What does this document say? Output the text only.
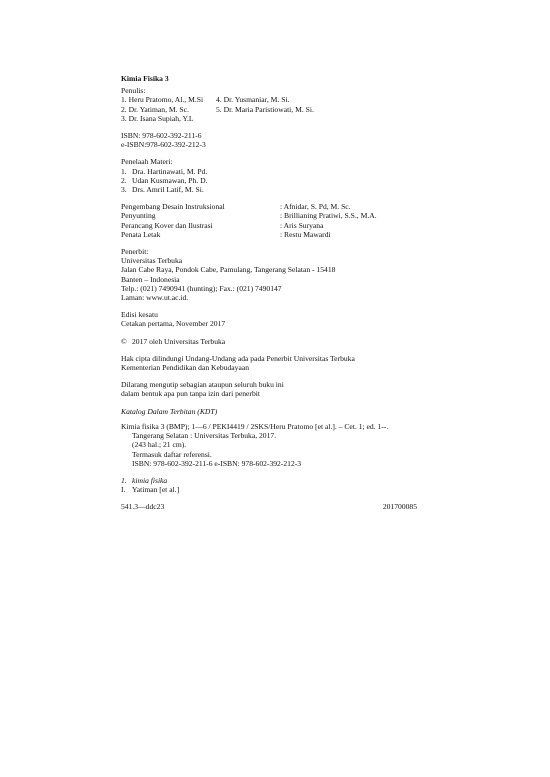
Kimia Fisika 3
Penulis:
1. Heru Pratomo, Al., M.Si
2. Dr. Yatiman, M. Sc.
3. Dr. Isana Supiah, Y.L
4. Dr. Yusmaniar, M. Si.
5. Dr. Maria Paristiowati, M. Si.
ISBN: 978-602-392-211-6
e-ISBN:978-602-392-212-3
Penelaah Materi:
1. Dra. Hartinawati, M. Pd.
2. Udan Kusmawan, Ph. D.
3. Drs. Amril Latif, M. Si.
Pengembang Desain Instruksional	: Afnidar, S. Pd, M. Sc.
Penyunting	: Brillianing Pratiwi, S.S., M.A.
Perancang Kover dan Ilustrasi	: Aris Suryana
Penata Letak	: Restu Mawardi
Penerbit:
Universitas Terbuka
Jalan Cabe Raya, Pondok Cabe, Pamulang, Tangerang Selatan - 15418
Banten – Indonesia
Telp.: (021) 7490941 (hunting); Fax.: (021) 7490147
Laman: www.ut.ac.id.
Edisi kesatu
Cetakan pertama, November 2017
© 2017 oleh Universitas Terbuka
Hak cipta dilindungi Undang-Undang ada pada Penerbit Universitas Terbuka
Kementerian Pendidikan dan Kebudayaan
Dilarang mengutip sebagian ataupun seluruh buku ini
dalam bentuk apa pun tanpa izin dari penerbit
Katalog Dalam Terbitan (KDT)
Kimia fisika 3 (BMP); 1—6 / PEKI4419 / 2SKS/Heru Pratomo [et al.]. – Cet. 1; ed. 1--.
Tangerang Selatan : Universitas Terbuka, 2017.
(243 hal.; 21 cm).
Termasuk daftar referensi.
ISBN: 978-602-392-211-6 e-ISBN: 978-602-392-212-3
1. kimia fisika
I. Yatiman [et al.]
541.3—ddc23	201700085
